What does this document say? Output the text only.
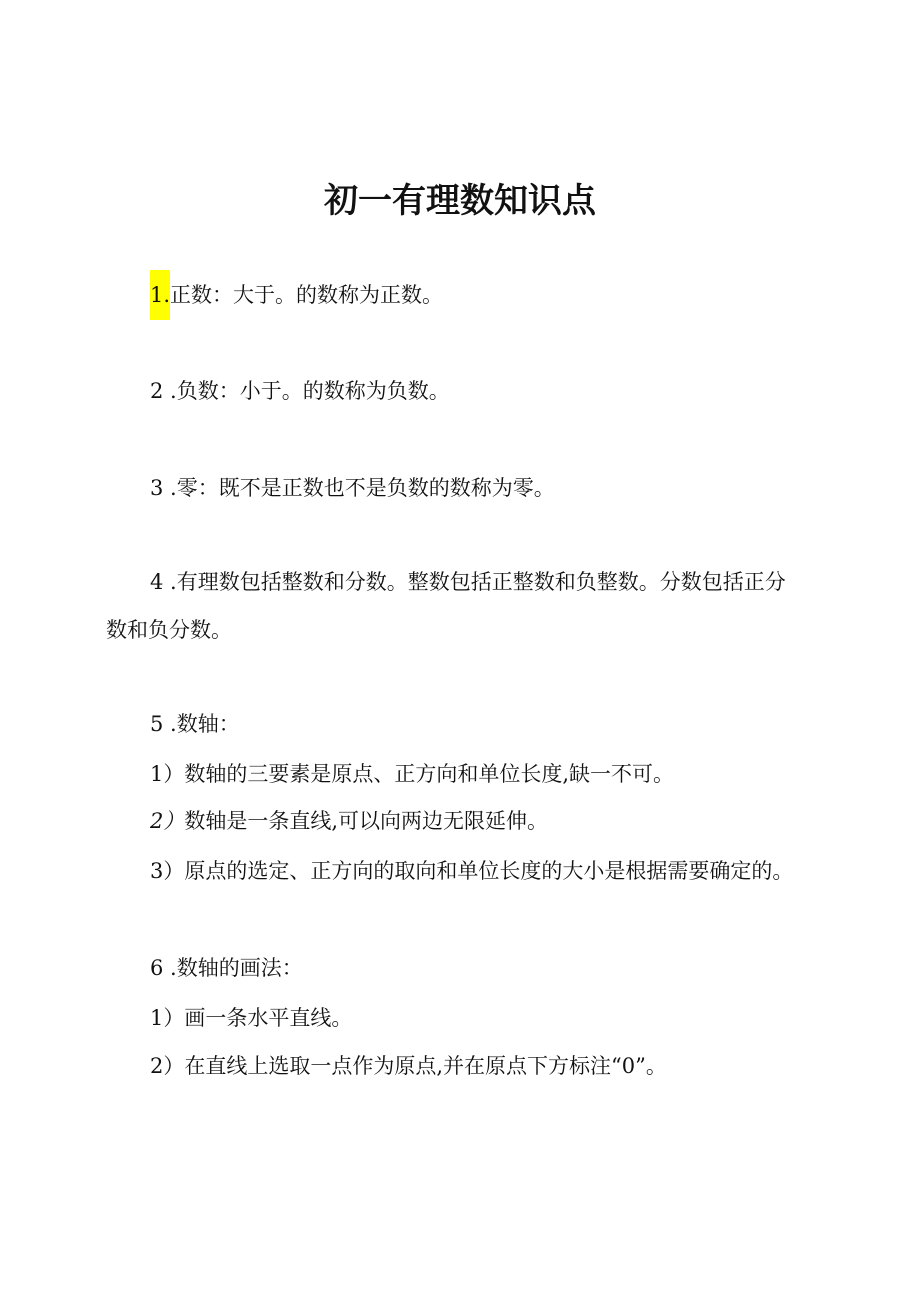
初一有理数知识点
1.正数：大于。的数称为正数。
2 .负数：小于。的数称为负数。
3 .零：既不是正数也不是负数的数称为零。
4 .有理数包括整数和分数。整数包括正整数和负整数。分数包括正分
数和负分数。
5 .数轴：
1）数轴的三要素是原点、正方向和单位长度,缺一不可。
2）数轴是一条直线,可以向两边无限延伸。
3）原点的选定、正方向的取向和单位长度的大小是根据需要确定的。
6 .数轴的画法：
1）画一条水平直线。
2）在直线上选取一点作为原点,并在原点下方标注“0”。
